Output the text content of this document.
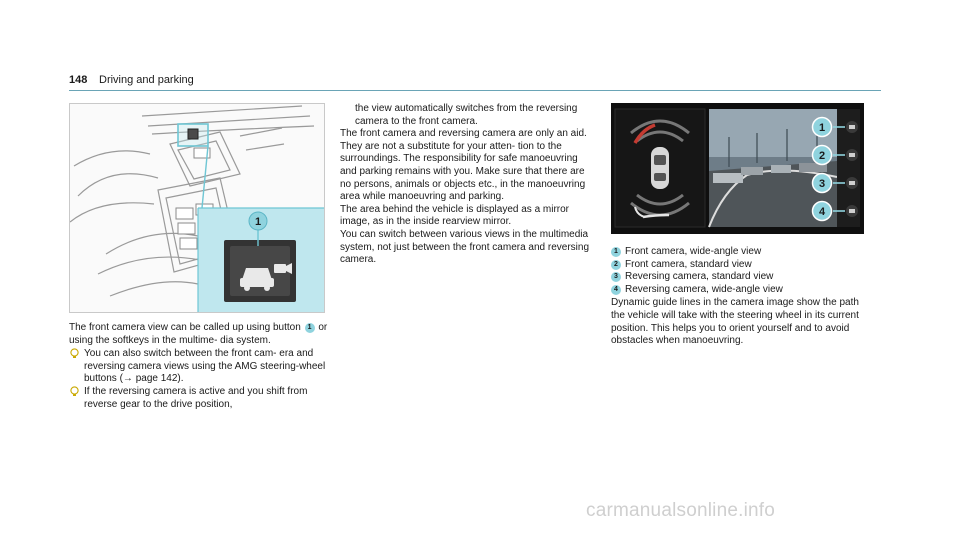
148 Driving and parking
1
1
2
3
4

The front camera view can be called up using button 1 or using the softkeys in the multime- dia system.

You can also switch between the front cam- era and reversing camera views using the AMG steering-wheel buttons (→ page 142).
If the reversing camera is active and you shift from reverse gear to the drive position,

the view automatically switches from the reversing camera to the front camera.

The front camera and reversing camera are only an aid. They are not a substitute for your atten- tion to the surroundings. The responsibility for safe manoeuvring and parking remains with you. Make sure that there are no persons, animals or objects etc., in the manoeuvring area while manoeuvring and parking.

The area behind the vehicle is displayed as a mirror image, as in the inside rearview mirror.

You can switch between various views in the multimedia system, not just between the front camera and reversing camera.

1 Front camera, wide-angle view
2 Front camera, standard view
3 Reversing camera, standard view
4 Reversing camera, wide-angle view

Dynamic guide lines in the camera image show the path the vehicle will take with the steering wheel in its current position. This helps you to orient yourself and to avoid obstacles when manoeuvring.

carmanualsonline.info
